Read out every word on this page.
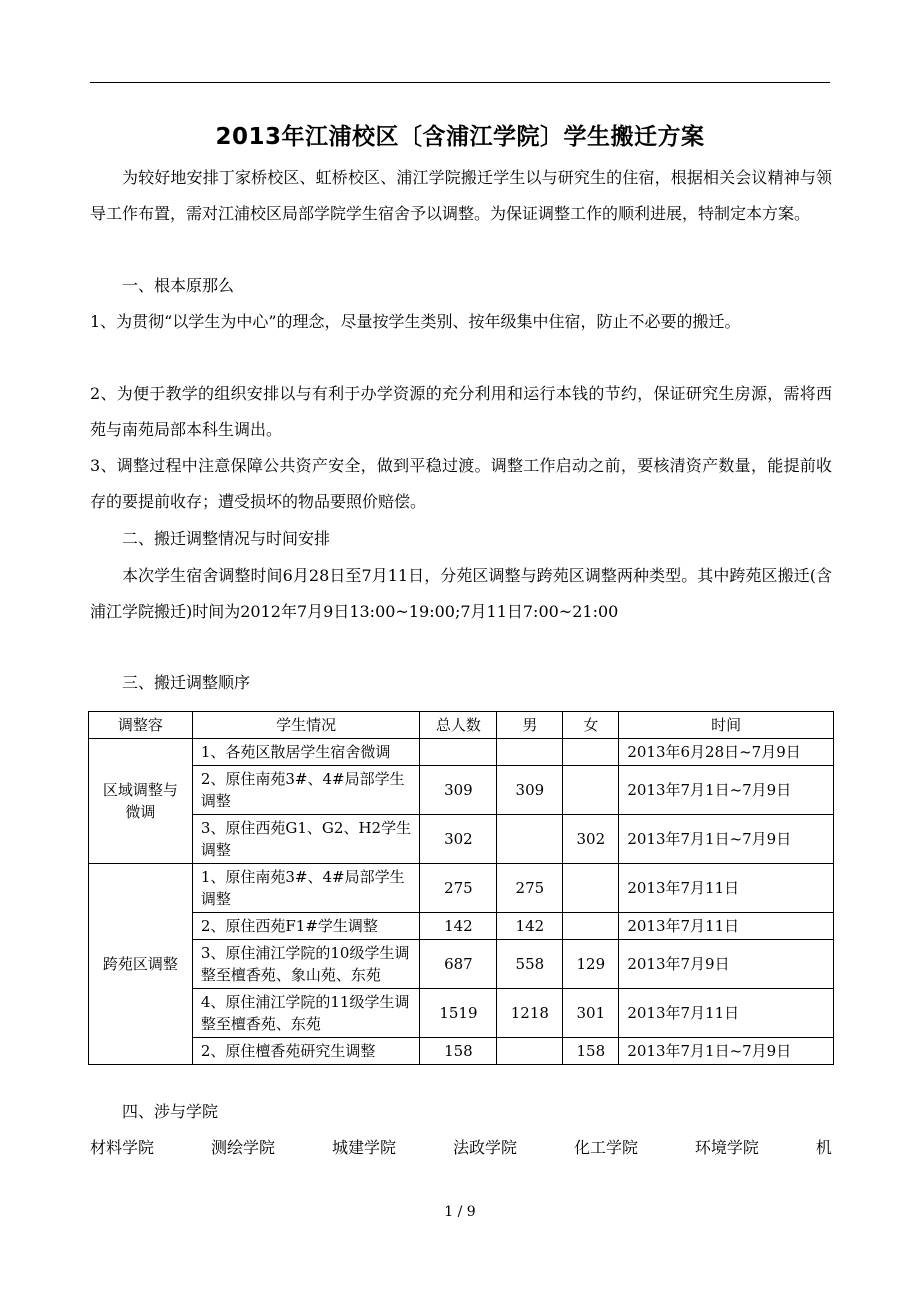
2013年江浦校区〔含浦江学院〕学生搬迁方案
为较好地安排丁家桥校区、虹桥校区、浦江学院搬迁学生以与研究生的住宿，根据相关会议精神与领导工作布置，需对江浦校区局部学院学生宿舍予以调整。为保证调整工作的顺利进展，特制定本方案。
一、根本原那么
1、为贯彻“以学生为中心”的理念，尽量按学生类别、按年级集中住宿，防止不必要的搬迁。
2、为便于教学的组织安排以与有利于办学资源的充分利用和运行本钱的节约，保证研究生房源，需将西苑与南苑局部本科生调出。
3、调整过程中注意保障公共资产安全，做到平稳过渡。调整工作启动之前，要核清资产数量，能提前收存的要提前收存；遭受损坏的物品要照价赔偿。
二、搬迁调整情况与时间安排
本次学生宿舍调整时间6月28日至7月11日，分苑区调整与跨苑区调整两种类型。其中跨苑区搬迁(含浦江学院搬迁)时间为2012年7月9日13:00~19:00;7月11日7:00~21:00
三、搬迁调整顺序
调整容	学生情况	总人数	男	女	时间
区域调整与微调	1、各苑区散居学生宿舍微调				2013年6月28日~7月9日
	2、原住南苑3#、4#局部学生调整	309	309		2013年7月1日~7月9日
	3、原住西苑G1、G2、H2学生调整	302		302	2013年7月1日~7月9日
跨苑区调整	1、原住南苑3#、4#局部学生调整	275	275		2013年7月11日
	2、原住西苑F1#学生调整	142	142		2013年7月11日
	3、原住浦江学院的10级学生调整至檀香苑、象山苑、东苑	687	558	129	2013年7月9日
	4、原住浦江学院的11级学生调整至檀香苑、东苑	1519	1218	301	2013年7月11日
	2、原住檀香苑研究生调整	158		158	2013年7月1日~7月9日
四、涉与学院
材料学院	测绘学院	城建学院	法政学院	化工学院	环境学院	机
1 / 9
